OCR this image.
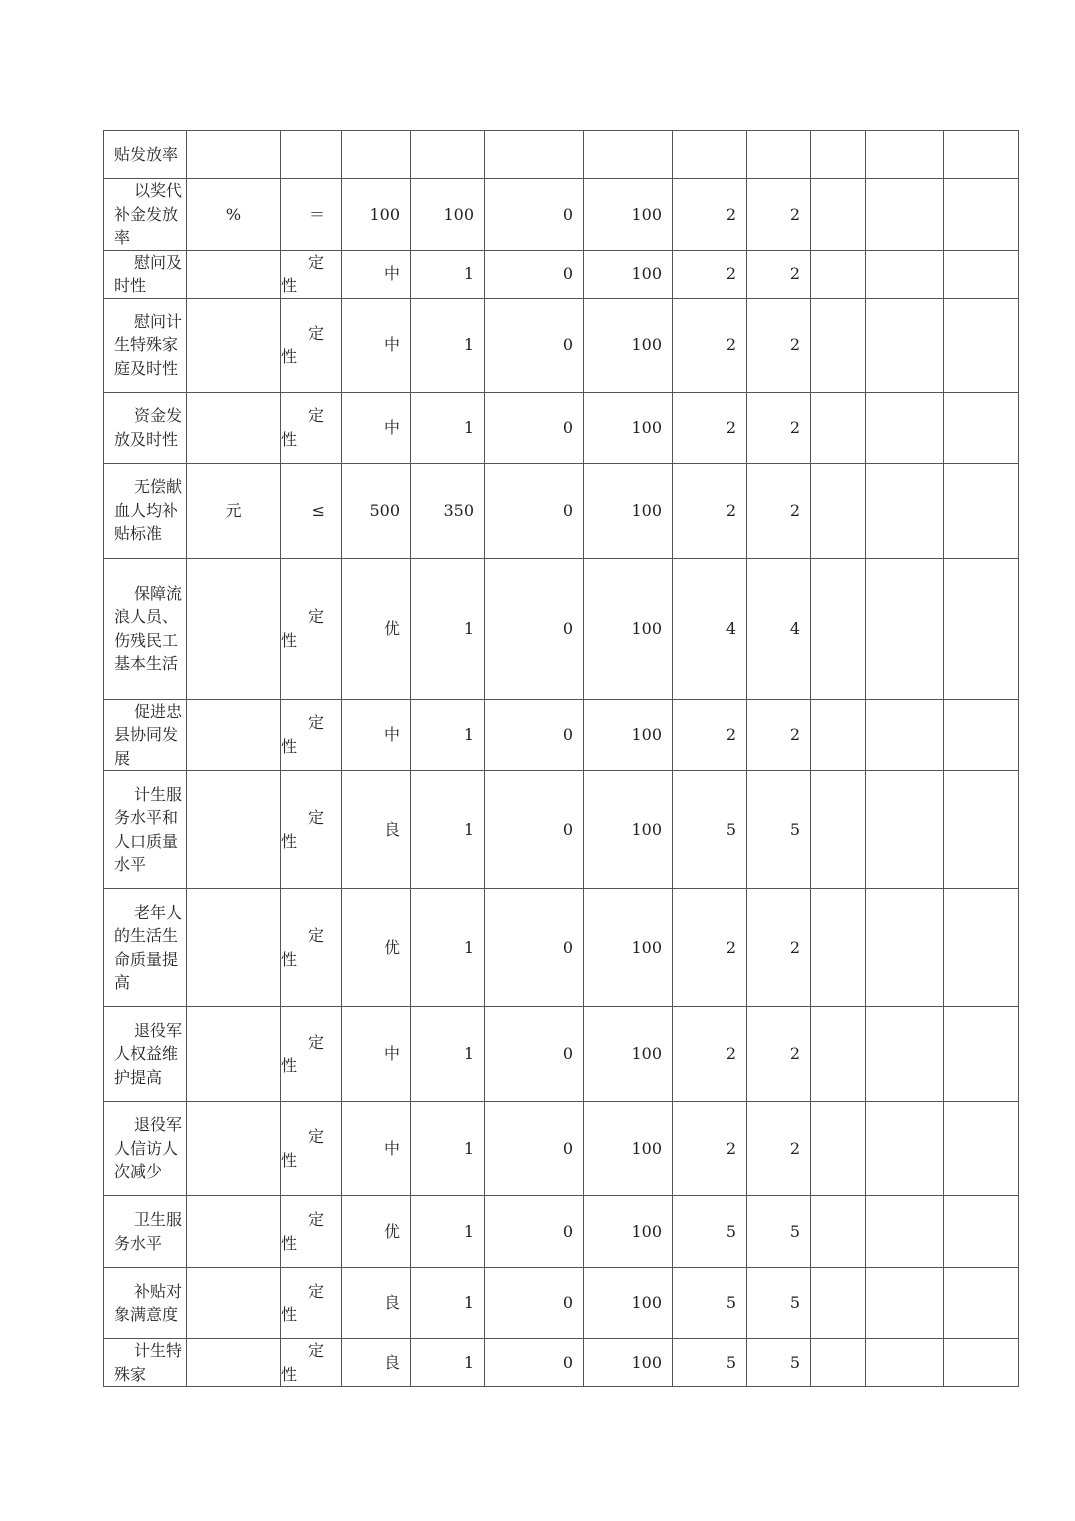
贴发放率											

以奖代补金发放率	%	＝	100	100	0	100	2	2			

慰问及时性		定性	中	1	0	100	2	2			

慰问计生特殊家庭及时性		定性	中	1	0	100	2	2			

资金发放及时性		定性	中	1	0	100	2	2			

无偿献血人均补贴标准	元	≤	500	350	0	100	2	2			

保障流浪人员、伤残民工基本生活		定性	优	1	0	100	4	4			

促进忠县协同发展		定性	中	1	0	100	2	2			

计生服务水平和人口质量水平		定性	良	1	0	100	5	5			

老年人的生活生命质量提高		定性	优	1	0	100	2	2			

退役军人权益维护提高		定性	中	1	0	100	2	2			

退役军人信访人次减少		定性	中	1	0	100	2	2			

卫生服务水平		定性	优	1	0	100	5	5			

补贴对象满意度		定性	良	1	0	100	5	5			

计生特殊家		定性	良	1	0	100	5	5			
